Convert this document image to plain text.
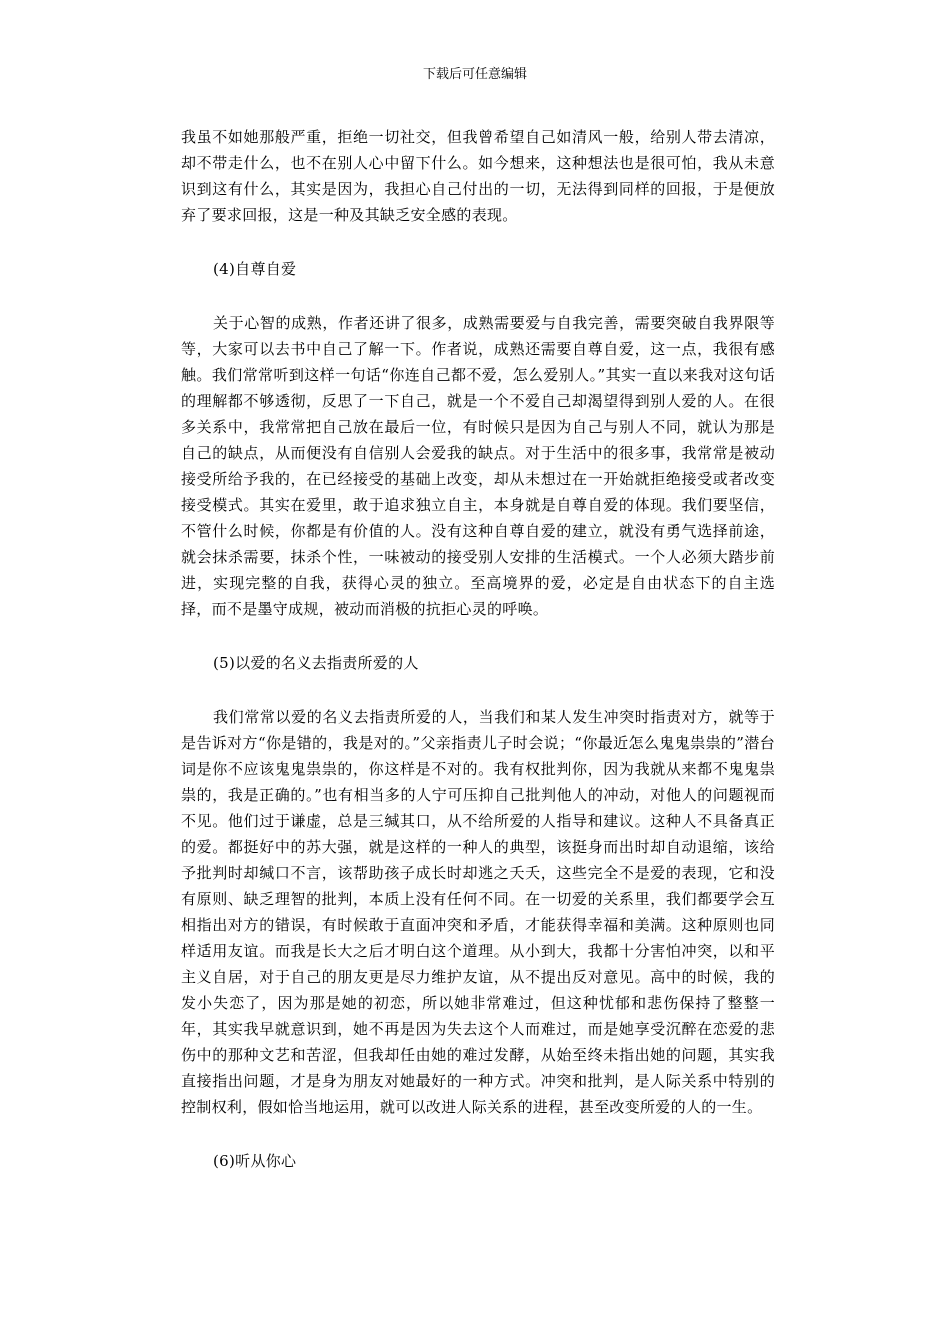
下载后可任意编辑

我虽不如她那般严重，拒绝一切社交，但我曾希望自己如清风一般，给别人带去清凉，却不带走什么，也不在别人心中留下什么。如今想来，这种想法也是很可怕，我从未意识到这有什么，其实是因为，我担心自己付出的一切，无法得到同样的回报，于是便放弃了要求回报，这是一种及其缺乏安全感的表现。

(4)自尊自爱

关于心智的成熟，作者还讲了很多，成熟需要爱与自我完善，需要突破自我界限等等，大家可以去书中自己了解一下。作者说，成熟还需要自尊自爱，这一点，我很有感触。我们常常听到这样一句话“你连自己都不爱，怎么爱别人。”其实一直以来我对这句话的理解都不够透彻，反思了一下自己，就是一个不爱自己却渴望得到别人爱的人。在很多关系中，我常常把自己放在最后一位，有时候只是因为自己与别人不同，就认为那是自己的缺点，从而便没有自信别人会爱我的缺点。对于生活中的很多事，我常常是被动接受所给予我的，在已经接受的基础上改变，却从未想过在一开始就拒绝接受或者改变接受模式。其实在爱里，敢于追求独立自主，本身就是自尊自爱的体现。我们要坚信，不管什么时候，你都是有价值的人。没有这种自尊自爱的建立，就没有勇气选择前途，就会抹杀需要，抹杀个性，一味被动的接受别人安排的生活模式。一个人必须大踏步前进，实现完整的自我，获得心灵的独立。至高境界的爱，必定是自由状态下的自主选择，而不是墨守成规，被动而消极的抗拒心灵的呼唤。

(5)以爱的名义去指责所爱的人

我们常常以爱的名义去指责所爱的人，当我们和某人发生冲突时指责对方，就等于是告诉对方“你是错的，我是对的。”父亲指责儿子时会说；“你最近怎么鬼鬼祟祟的”潜台词是你不应该鬼鬼祟祟的，你这样是不对的。我有权批判你，因为我就从来都不鬼鬼祟祟的，我是正确的。”也有相当多的人宁可压抑自己批判他人的冲动，对他人的问题视而不见。他们过于谦虚，总是三缄其口，从不给所爱的人指导和建议。这种人不具备真正的爱。都挺好中的苏大强，就是这样的一种人的典型，该挺身而出时却自动退缩，该给予批判时却缄口不言，该帮助孩子成长时却逃之夭夭，这些完全不是爱的表现，它和没有原则、缺乏理智的批判，本质上没有任何不同。在一切爱的关系里，我们都要学会互相指出对方的错误，有时候敢于直面冲突和矛盾，才能获得幸福和美满。这种原则也同样适用友谊。而我是长大之后才明白这个道理。从小到大，我都十分害怕冲突，以和平主义自居，对于自己的朋友更是尽力维护友谊，从不提出反对意见。高中的时候，我的发小失恋了，因为那是她的初恋，所以她非常难过，但这种忧郁和悲伤保持了整整一年，其实我早就意识到，她不再是因为失去这个人而难过，而是她享受沉醉在恋爱的悲伤中的那种文艺和苦涩，但我却任由她的难过发酵，从始至终未指出她的问题，其实我直接指出问题，才是身为朋友对她最好的一种方式。冲突和批判，是人际关系中特别的控制权利，假如恰当地运用，就可以改进人际关系的进程，甚至改变所爱的人的一生。

(6)听从你心
